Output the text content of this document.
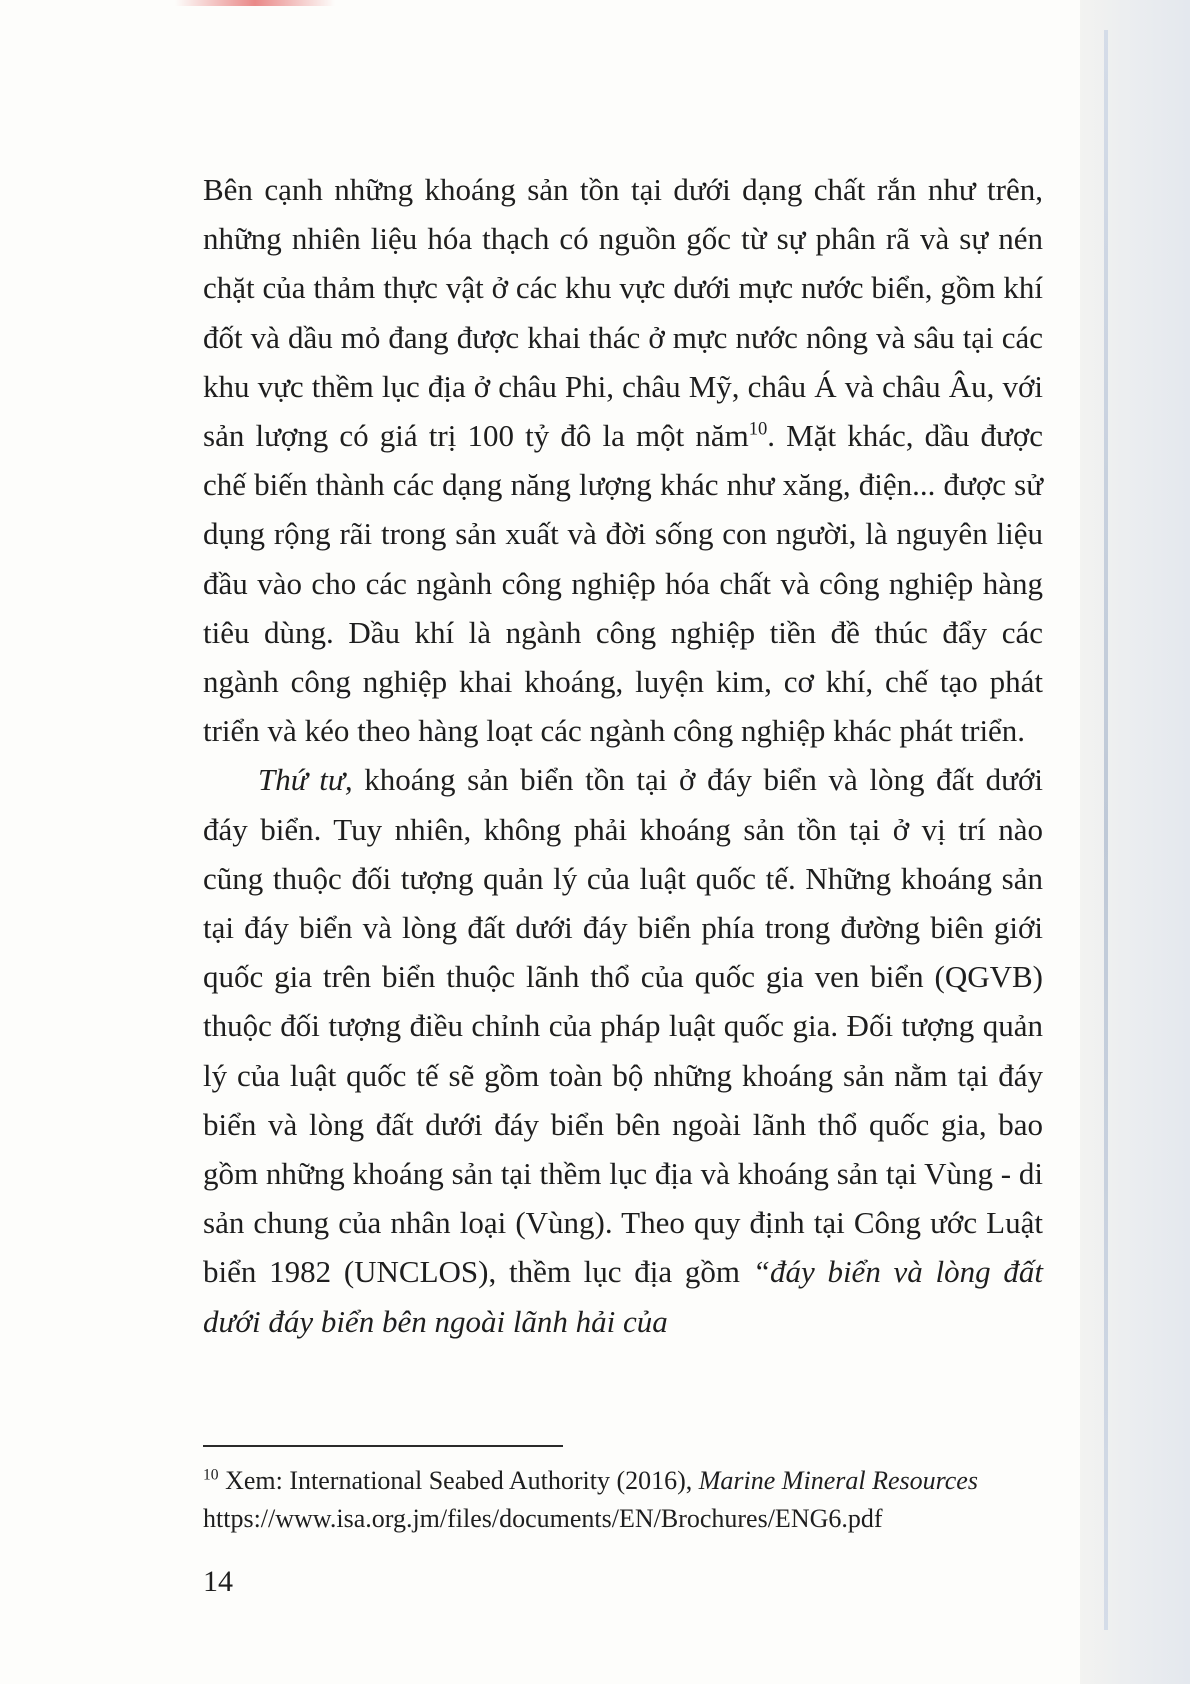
Bên cạnh những khoáng sản tồn tại dưới dạng chất rắn như trên, những nhiên liệu hóa thạch có nguồn gốc từ sự phân rã và sự nén chặt của thảm thực vật ở các khu vực dưới mực nước biển, gồm khí đốt và dầu mỏ đang được khai thác ở mực nước nông và sâu tại các khu vực thềm lục địa ở châu Phi, châu Mỹ, châu Á và châu Âu, với sản lượng có giá trị 100 tỷ đô la một năm$^{10}$. Mặt khác, dầu được chế biến thành các dạng năng lượng khác như xăng, điện... được sử dụng rộng rãi trong sản xuất và đời sống con người, là nguyên liệu đầu vào cho các ngành công nghiệp hóa chất và công nghiệp hàng tiêu dùng. Dầu khí là ngành công nghiệp tiền đề thúc đẩy các ngành công nghiệp khai khoáng, luyện kim, cơ khí, chế tạo phát triển và kéo theo hàng loạt các ngành công nghiệp khác phát triển.

Thứ tư, khoáng sản biển tồn tại ở đáy biển và lòng đất dưới đáy biển. Tuy nhiên, không phải khoáng sản tồn tại ở vị trí nào cũng thuộc đối tượng quản lý của luật quốc tế. Những khoáng sản tại đáy biển và lòng đất dưới đáy biển phía trong đường biên giới quốc gia trên biển thuộc lãnh thổ của quốc gia ven biển (QGVB) thuộc đối tượng điều chỉnh của pháp luật quốc gia. Đối tượng quản lý của luật quốc tế sẽ gồm toàn bộ những khoáng sản nằm tại đáy biển và lòng đất dưới đáy biển bên ngoài lãnh thổ quốc gia, bao gồm những khoáng sản tại thềm lục địa và khoáng sản tại Vùng - di sản chung của nhân loại (Vùng). Theo quy định tại Công ước Luật biển 1982 (UNCLOS), thềm lục địa gồm “đáy biển và lòng đất dưới đáy biển bên ngoài lãnh hải của

$^{10}$ Xem: International Seabed Authority (2016), Marine Mineral Resources
https://www.isa.org.jm/files/documents/EN/Brochures/ENG6.pdf
14
